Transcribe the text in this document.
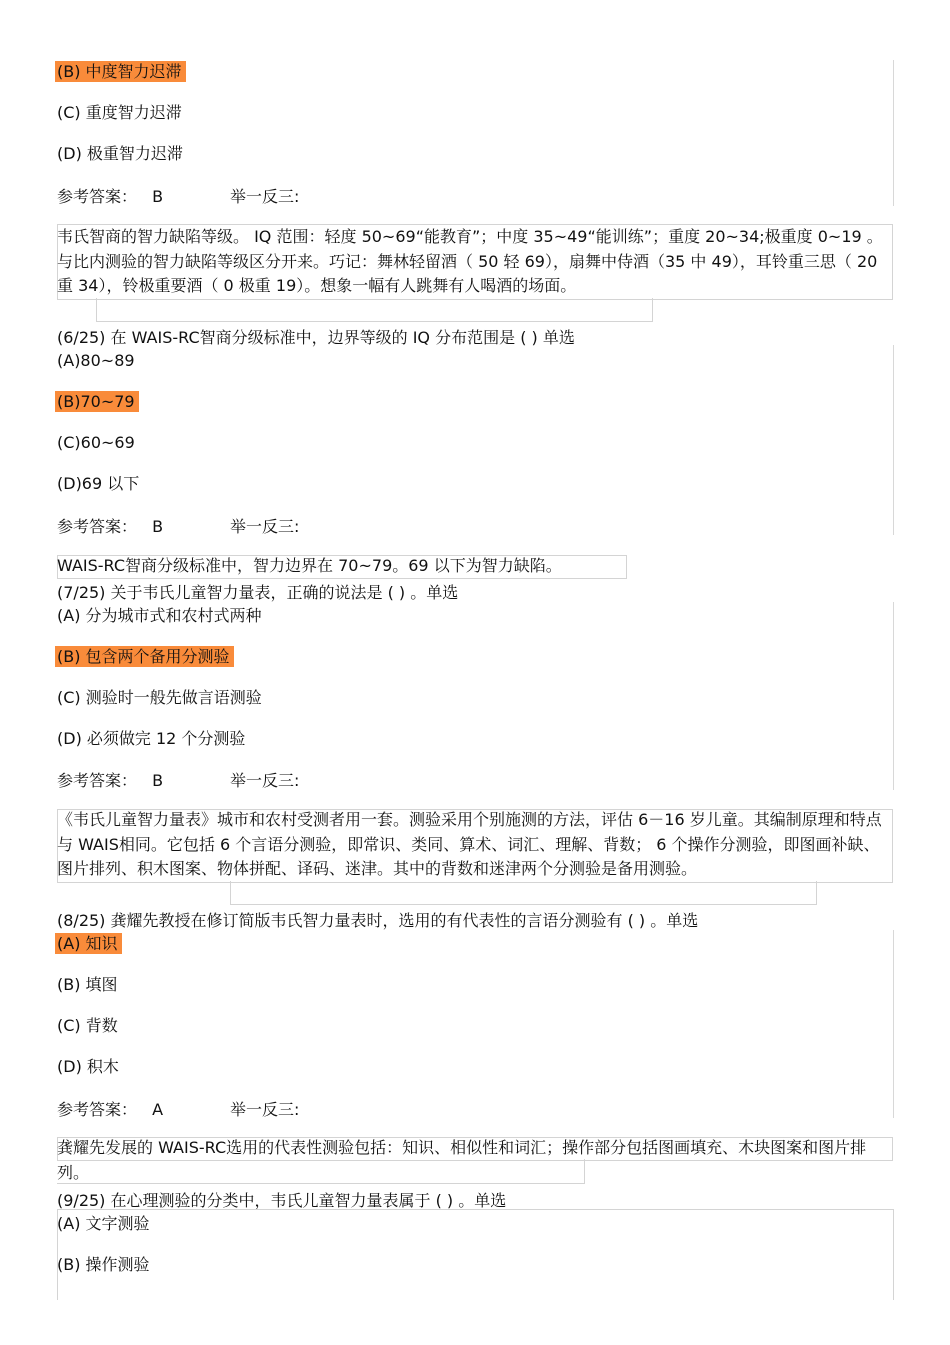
(B) 中度智力迟滞
(C) 重度智力迟滞
(D) 极重智力迟滞
参考答案： B	举一反三:
韦氏智商的智力缺陷等级。 IQ 范围：轻度 50~69“能教育”；中度 35~49“能训练”；重度 20~34;极重度 0~19 。与比内测验的智力缺陷等级区分开来。巧记：舞林轻留酒（ 50 轻 69），扇舞中侍酒（35 中 49），耳铃重三思（ 20 重 34），铃极重要酒（ 0 极重 19）。想象一幅有人跳舞有人喝酒的场面。
(6/25) 在 WAIS-RC智商分级标准中，边界等级的 IQ 分布范围是 ( ) 单选
(A)80~89
(B)70~79
(C)60~69
(D)69 以下
参考答案： B	举一反三:
WAIS-RC智商分级标准中，智力边界在 70~79。69 以下为智力缺陷。
(7/25) 关于韦氏儿童智力量表，正确的说法是 ( ) 。单选
(A) 分为城市式和农村式两种
(B) 包含两个备用分测验
(C) 测验时一般先做言语测验
(D) 必须做完 12 个分测验
参考答案： B	举一反三:
《韦氏儿童智力量表》城市和农村受测者用一套。测验采用个别施测的方法，评估 6－16 岁儿童。其编制原理和特点与 WAIS相同。它包括 6 个言语分测验，即常识、类同、算术、词汇、理解、背数； 6 个操作分测验，即图画补缺、图片排列、积木图案、物体拼配、译码、迷津。其中的背数和迷津两个分测验是备用测验。
(8/25) 龚耀先教授在修订简版韦氏智力量表时，选用的有代表性的言语分测验有 ( ) 。单选
(A) 知识
(B) 填图
(C) 背数
(D) 积木
参考答案： A	举一反三:
龚耀先发展的 WAIS-RC选用的代表性测验包括：知识、相似性和词汇；操作部分包括图画填充、木块图案和图片排列。
(9/25) 在心理测验的分类中，韦氏儿童智力量表属于 ( ) 。单选
(A) 文字测验
(B) 操作测验
